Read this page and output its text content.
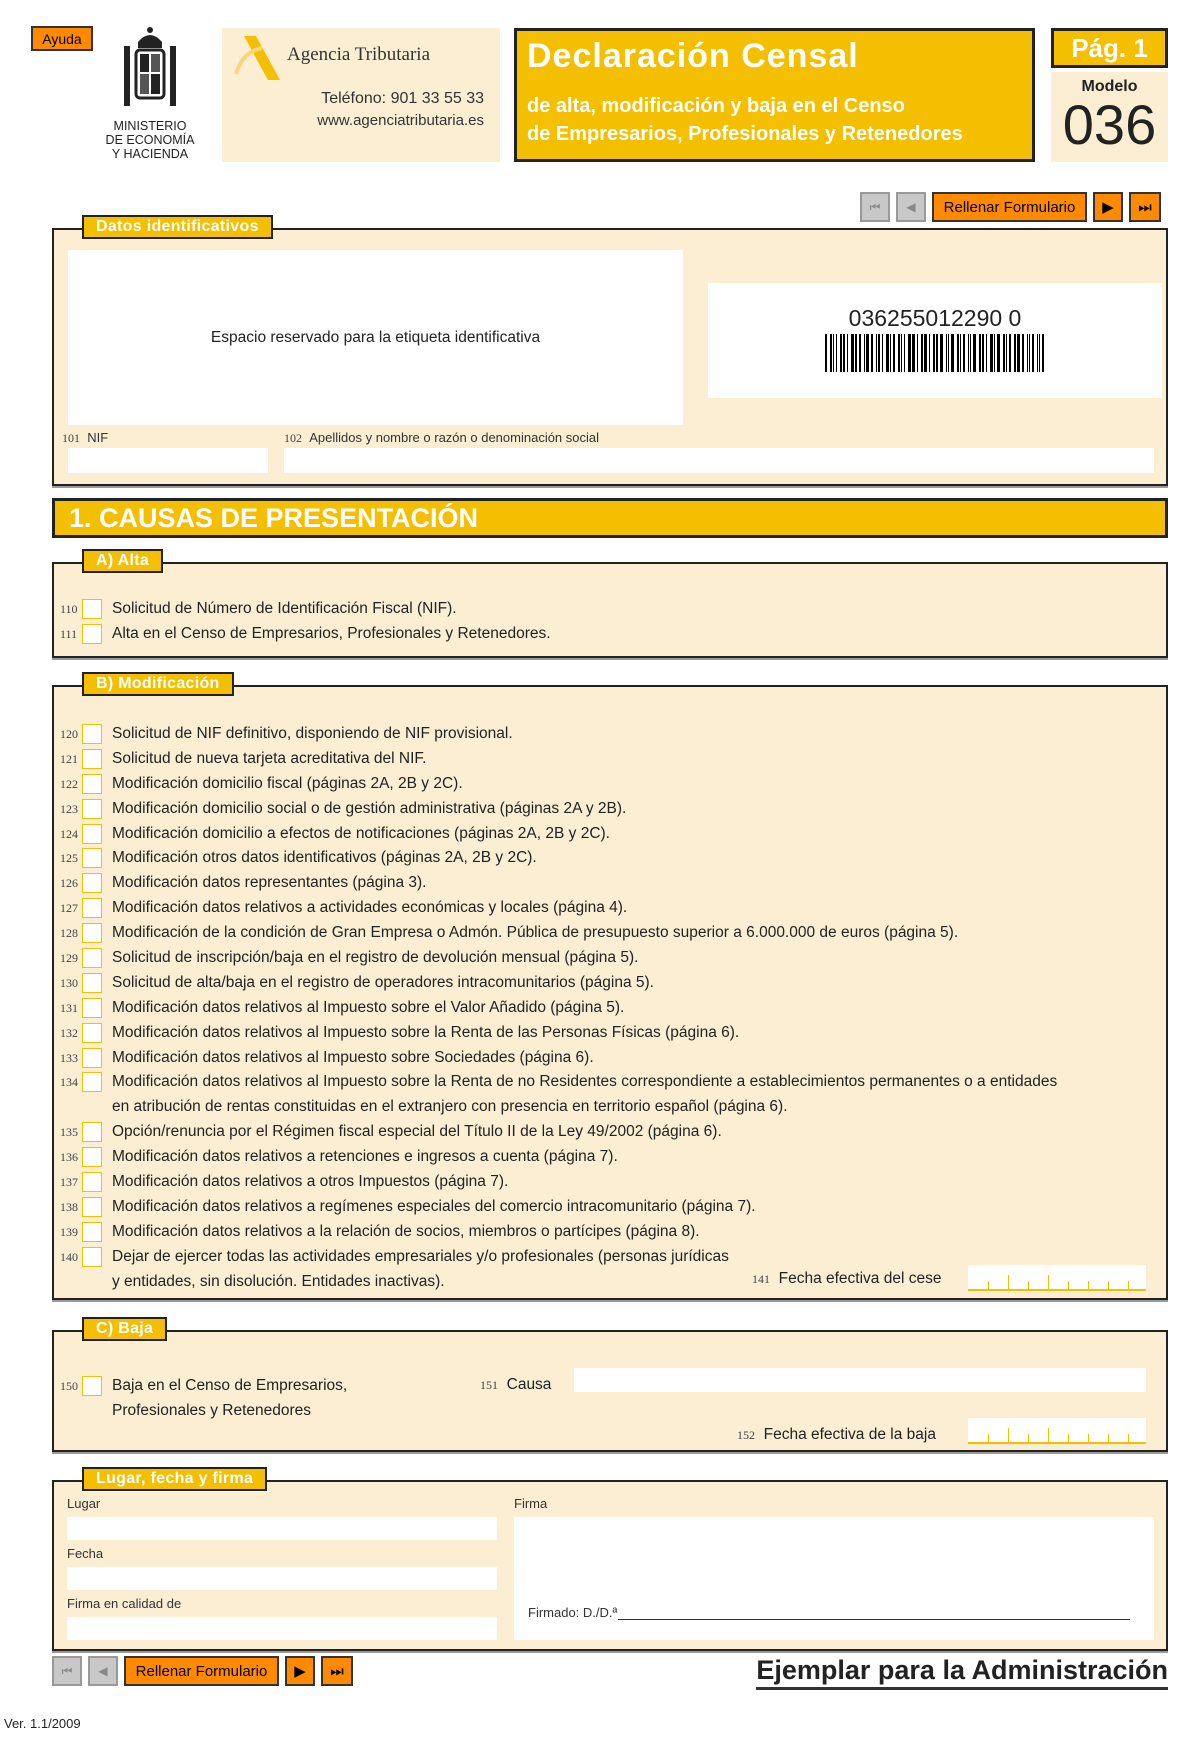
Ayuda
MINISTERIO
DE ECONOMÍA
Y HACIENDA
Agencia Tributaria
Teléfono: 901 33 55 33
www.agenciatributaria.es
Declaración Censal
de alta, modificación y baja en el Censo
de Empresarios, Profesionales y Retenedores
Pág. 1
Modelo
036
⏮ ◀	Rellenar Formulario	▶ ⏭
Datos identificativos
Espacio reservado para la etiqueta identificativa
036255012290 0
101 NIF	102 Apellidos y nombre o razón o denominación social
1. CAUSAS DE PRESENTACIÓN
A) Alta
110 Solicitud de Número de Identificación Fiscal (NIF).
111	Alta en el Censo de Empresarios, Profesionales y Retenedores.
B) Modificación
120 Solicitud de NIF definitivo, disponiendo de NIF provisional.
121 Solicitud de nueva tarjeta acreditativa del NIF.
122 Modificación domicilio fiscal (páginas 2A, 2B y 2C).
123 Modificación domicilio social o de gestión administrativa (páginas 2A y 2B).
124 Modificación domicilio a efectos de notificaciones (páginas 2A, 2B y 2C).
125 Modificación otros datos identificativos (páginas 2A, 2B y 2C).
126 Modificación datos representantes (página 3).
127 Modificación datos relativos a actividades económicas y locales (página 4).
128 Modificación de la condición de Gran Empresa o Admón. Pública de presupuesto superior a 6.000.000 de euros (página 5).
129 Solicitud de inscripción/baja en el registro de devolución mensual (página 5).
130 Solicitud de alta/baja en el registro de operadores intracomunitarios (página 5).
131 Modificación datos relativos al Impuesto sobre el Valor Añadido (página 5).
132 Modificación datos relativos al Impuesto sobre la Renta de las Personas Físicas (página 6).
133 Modificación datos relativos al Impuesto sobre Sociedades (página 6).
134 Modificación datos relativos al Impuesto sobre la Renta de no Residentes correspondiente a establecimientos permanentes o a entidades
en atribución de rentas constituidas en el extranjero con presencia en territorio español (página 6).
135 Opción/renuncia por el Régimen fiscal especial del Título II de la Ley 49/2002 (página 6).
136 Modificación datos relativos a retenciones e ingresos a cuenta (página 7).
137 Modificación datos relativos a otros Impuestos (página 7).
138 Modificación datos relativos a regímenes especiales del comercio intracomunitario (página 7).
139 Modificación datos relativos a la relación de socios, miembros o partícipes (página 8).
140 Dejar de ejercer todas las actividades empresariales y/o profesionales (personas jurídicas
y entidades, sin disolución. Entidades inactivas).	141 Fecha efectiva del cese
C) Baja
150 Baja en el Censo de Empresarios,
Profesionales y Retenedores
151 Causa
152 Fecha efectiva de la baja
Lugar, fecha y firma
Lugar
Fecha
Firma en calidad de
Firma
Firmado: D./D.ª
⏮ ◀	Rellenar Formulario	▶ ⏭	Ejemplar para la Administración
Ver. 1.1/2009
